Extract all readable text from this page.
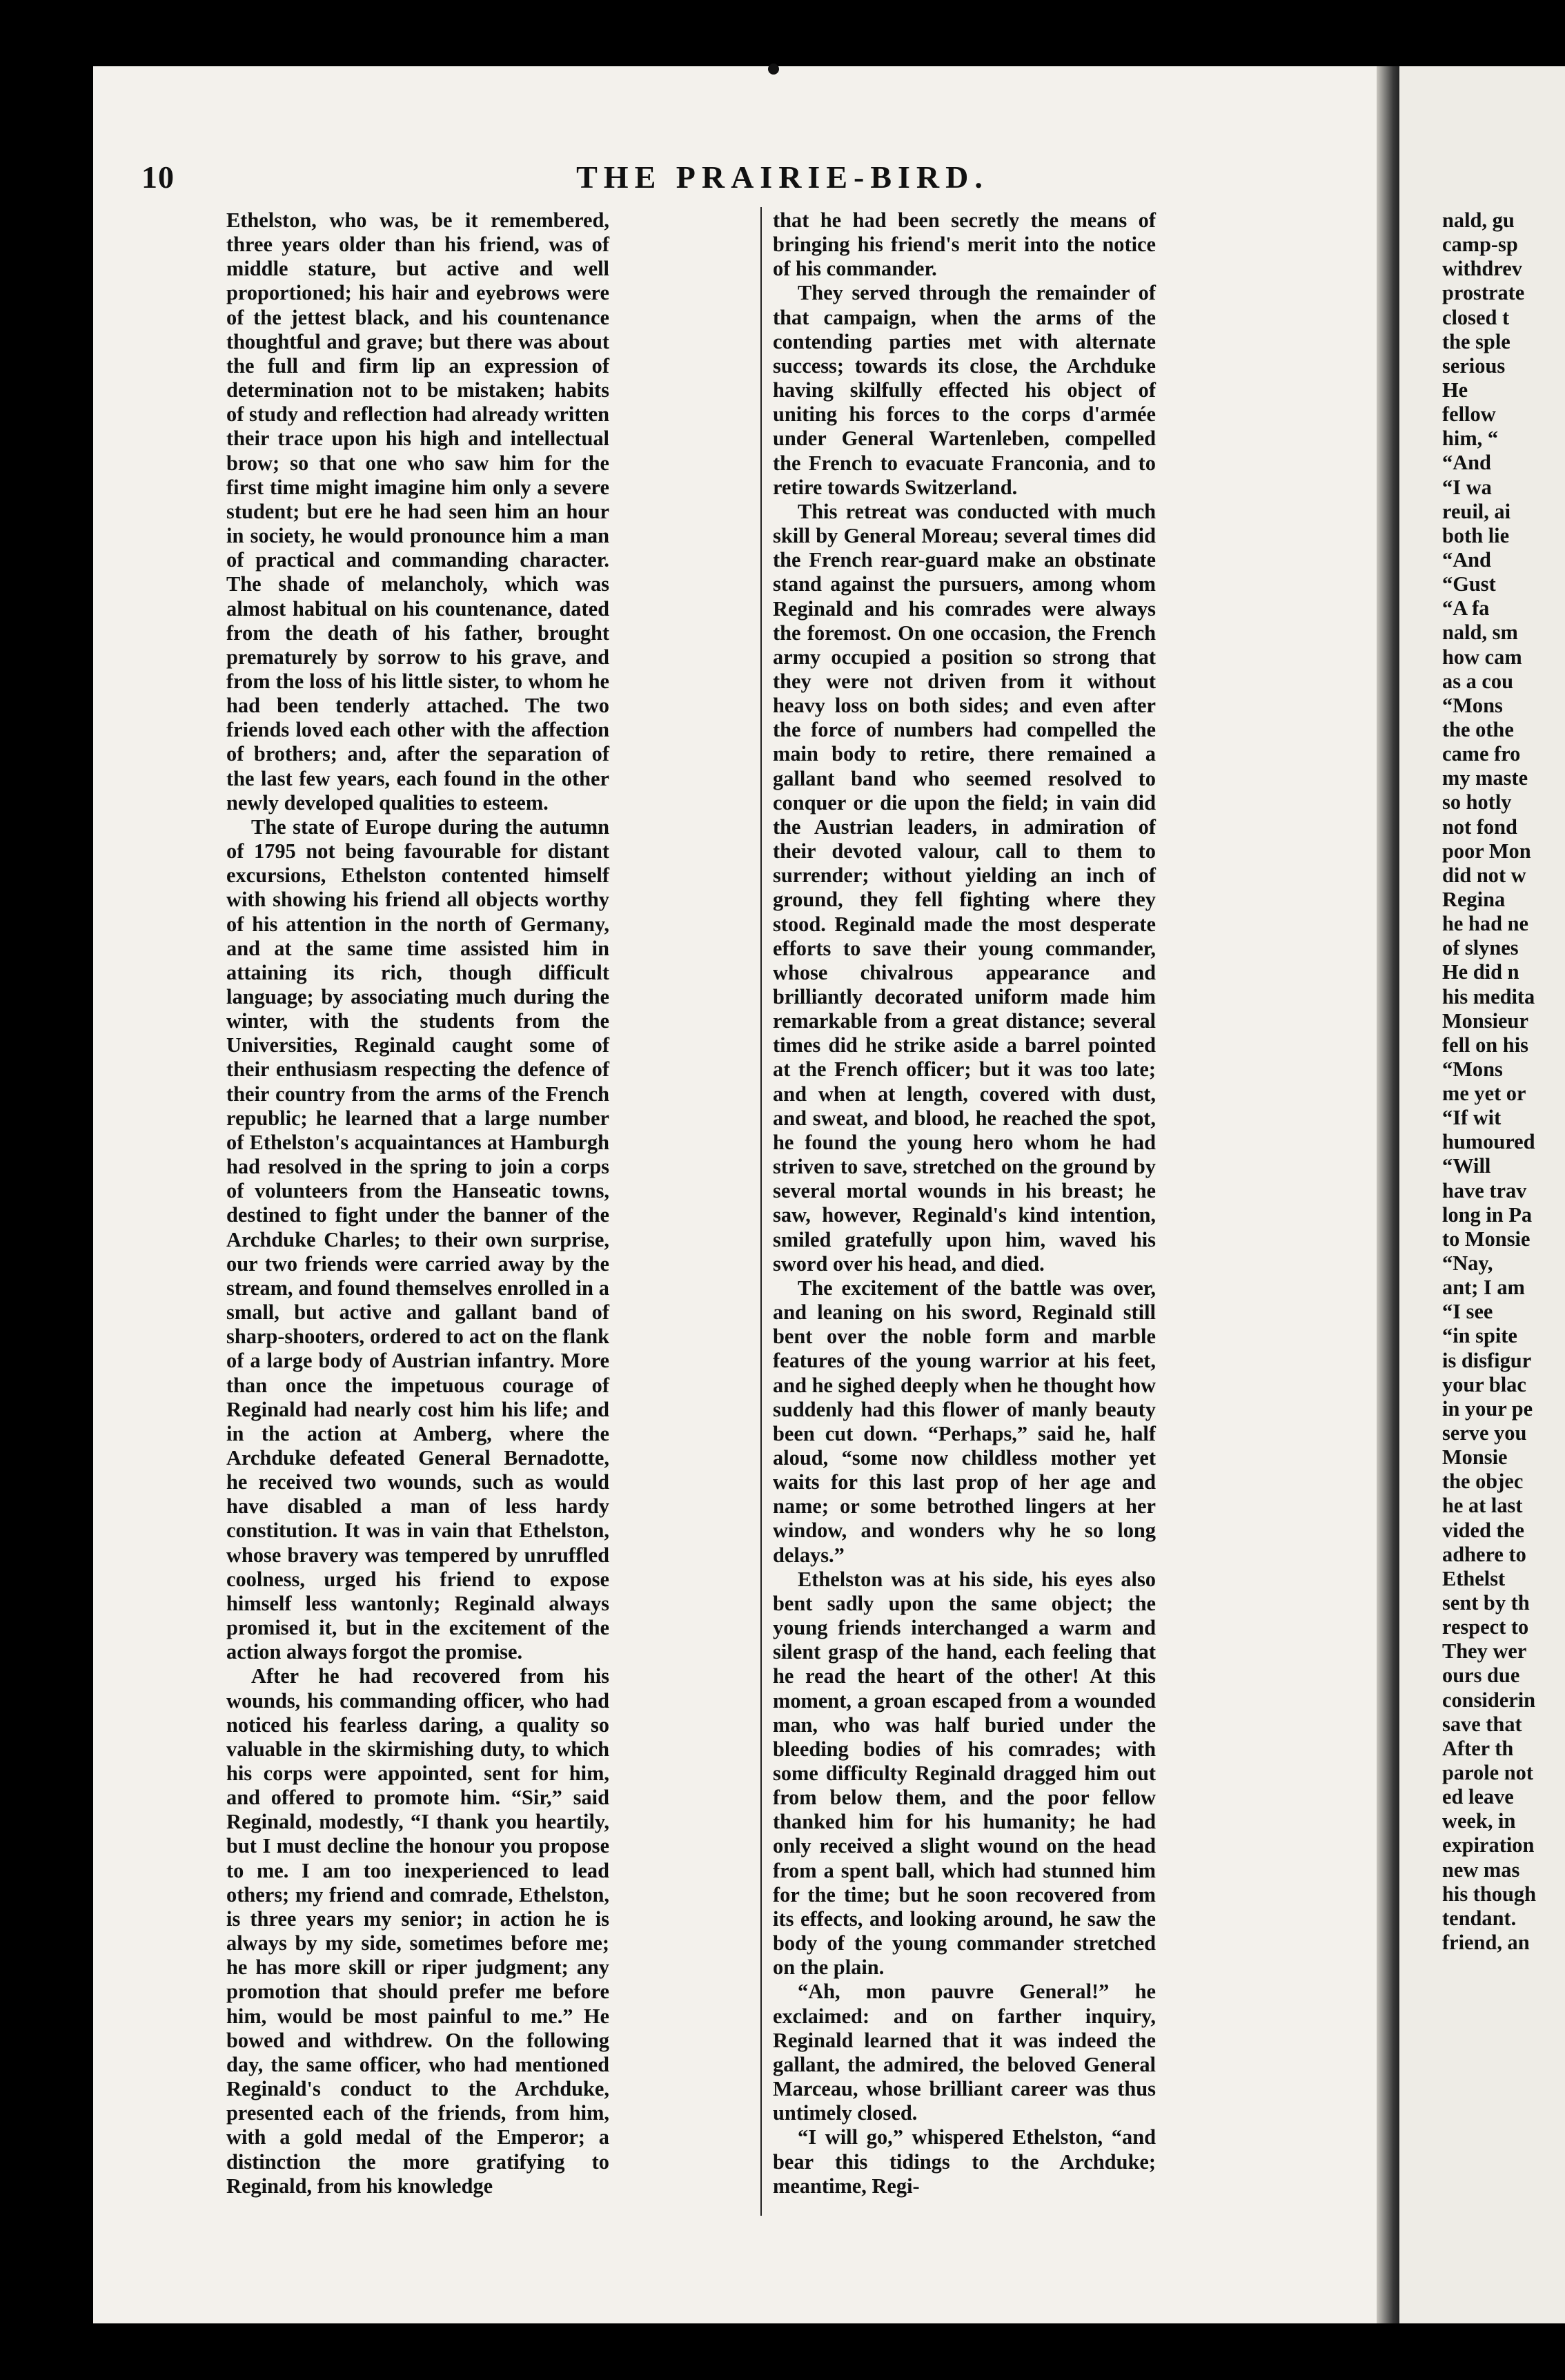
10	THE PRAIRIE-BIRD.

Ethelston, who was, be it remembered, three years older than his friend, was of middle stature, but active and well proportioned; his hair and eyebrows were of the jettest black, and his countenance thoughtful and grave; but there was about the full and firm lip an expression of determination not to be mistaken; habits of study and reflection had already written their trace upon his high and intellectual brow; so that one who saw him for the first time might imagine him only a severe student; but ere he had seen him an hour in society, he would pronounce him a man of practical and commanding character. The shade of melancholy, which was almost habitual on his countenance, dated from the death of his father, brought prematurely by sorrow to his grave, and from the loss of his little sister, to whom he had been tenderly attached. The two friends loved each other with the affection of brothers; and, after the separation of the last few years, each found in the other newly developed qualities to esteem.

The state of Europe during the autumn of 1795 not being favourable for distant excursions, Ethelston contented himself with showing his friend all objects worthy of his attention in the north of Germany, and at the same time assisted him in attaining its rich, though difficult language; by associating much during the winter, with the students from the Universities, Reginald caught some of their enthusiasm respecting the defence of their country from the arms of the French republic; he learned that a large number of Ethelston's acquaintances at Hamburgh had resolved in the spring to join a corps of volunteers from the Hanseatic towns, destined to fight under the banner of the Archduke Charles; to their own surprise, our two friends were carried away by the stream, and found themselves enrolled in a small, but active and gallant band of sharp-shooters, ordered to act on the flank of a large body of Austrian infantry. More than once the impetuous courage of Reginald had nearly cost him his life; and in the action at Amberg, where the Archduke defeated General Bernadotte, he received two wounds, such as would have disabled a man of less hardy constitution. It was in vain that Ethelston, whose bravery was tempered by unruffled coolness, urged his friend to expose himself less wantonly; Reginald always promised it, but in the excitement of the action always forgot the promise.

After he had recovered from his wounds, his commanding officer, who had noticed his fearless daring, a quality so valuable in the skirmishing duty, to which his corps were appointed, sent for him, and offered to promote him. “Sir,” said Reginald, modestly, “I thank you heartily, but I must decline the honour you propose to me. I am too inexperienced to lead others; my friend and comrade, Ethelston, is three years my senior; in action he is always by my side, sometimes before me; he has more skill or riper judgment; any promotion that should prefer me before him, would be most painful to me.” He bowed and withdrew. On the following day, the same officer, who had mentioned Reginald's conduct to the Archduke, presented each of the friends, from him, with a gold medal of the Emperor; a distinction the more gratifying to Reginald, from his knowledge

that he had been secretly the means of bringing his friend's merit into the notice of his commander.

They served through the remainder of that campaign, when the arms of the contending parties met with alternate success; towards its close, the Archduke having skilfully effected his object of uniting his forces to the corps d'armée under General Wartenleben, compelled the French to evacuate Franconia, and to retire towards Switzerland.

This retreat was conducted with much skill by General Moreau; several times did the French rear-guard make an obstinate stand against the pursuers, among whom Reginald and his comrades were always the foremost. On one occasion, the French army occupied a position so strong that they were not driven from it without heavy loss on both sides; and even after the force of numbers had compelled the main body to retire, there remained a gallant band who seemed resolved to conquer or die upon the field; in vain did the Austrian leaders, in admiration of their devoted valour, call to them to surrender; without yielding an inch of ground, they fell fighting where they stood. Reginald made the most desperate efforts to save their young commander, whose chivalrous appearance and brilliantly decorated uniform made him remarkable from a great distance; several times did he strike aside a barrel pointed at the French officer; but it was too late; and when at length, covered with dust, and sweat, and blood, he reached the spot, he found the young hero whom he had striven to save, stretched on the ground by several mortal wounds in his breast; he saw, however, Reginald's kind intention, smiled gratefully upon him, waved his sword over his head, and died.

The excitement of the battle was over, and leaning on his sword, Reginald still bent over the noble form and marble features of the young warrior at his feet, and he sighed deeply when he thought how suddenly had this flower of manly beauty been cut down. “Perhaps,” said he, half aloud, “some now childless mother yet waits for this last prop of her age and name; or some betrothed lingers at her window, and wonders why he so long delays.”

Ethelston was at his side, his eyes also bent sadly upon the same object; the young friends interchanged a warm and silent grasp of the hand, each feeling that he read the heart of the other! At this moment, a groan escaped from a wounded man, who was half buried under the bleeding bodies of his comrades; with some difficulty Reginald dragged him out from below them, and the poor fellow thanked him for his humanity; he had only received a slight wound on the head from a spent ball, which had stunned him for the time; but he soon recovered from its effects, and looking around, he saw the body of the young commander stretched on the plain.

“Ah, mon pauvre General!” he exclaimed: and on farther inquiry, Reginald learned that it was indeed the gallant, the admired, the beloved General Marceau, whose brilliant career was thus untimely closed.

“I will go,” whispered Ethelston, “and bear this tidings to the Archduke; meantime, Regi-

nald, gu
camp-sp
withdrev
prostrate
closed t
the sple
serious
He
fellow
him, “
“And
“I wa
reuil, ai
both lie
“And
“Gust
“A fa
nald, sm
how cam
as a cou
“Mons
the othe
came fro
my maste
so hotly
not fond
poor Mon
did not w
Regina
he had ne
of slynes
He did n
his medita
Monsieur
fell on his
“Mons
me yet or
“If wit
humoured
“Will
have trav
long in Pa
to Monsie
“Nay,
ant; I am
“I see
“in spite
is disfigur
your blac
in your pe
serve you
Monsie
the objec
he at last
vided the
adhere to
Ethelst
sent by th
respect to
They wer
ours due
considerin
save that
After th
parole not
ed leave
week, in
expiration
new mas
his though
tendant.
friend, an
